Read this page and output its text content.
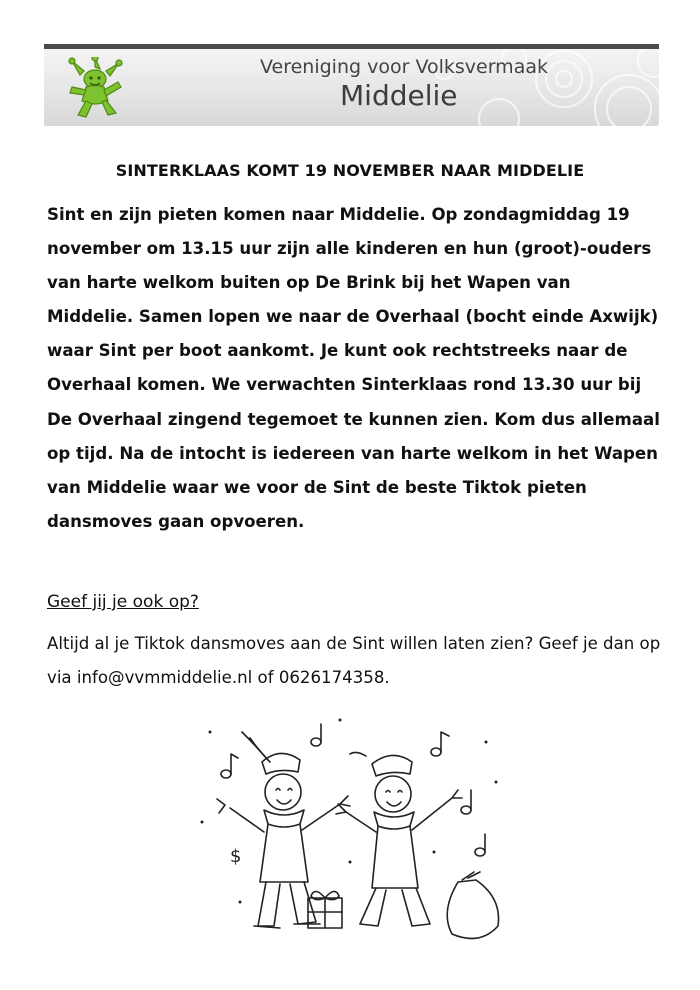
Vereniging voor Volksvermaak
Middelie
SINTERKLAAS KOMT 19 NOVEMBER NAAR MIDDELIE

Sint en zijn pieten komen naar Middelie. Op zondagmiddag 19 november om 13.15 uur zijn alle kinderen en hun (groot)-ouders van harte welkom buiten op De Brink bij het Wapen van Middelie. Samen lopen we naar de Overhaal (bocht einde Axwijk) waar Sint per boot aankomt. Je kunt ook rechtstreeks naar de Overhaal komen. We verwachten Sinterklaas rond 13.30 uur bij De Overhaal zingend tegemoet te kunnen zien. Kom dus allemaal op tijd. Na de intocht is iedereen van harte welkom in het Wapen van Middelie waar we voor de Sint de beste Tiktok pieten dansmoves gaan opvoeren.

Geef jij je ook op?

Altijd al je Tiktok dansmoves aan de Sint willen laten zien? Geef je dan op via info@vvmmiddelie.nl of 0626174358.

$
